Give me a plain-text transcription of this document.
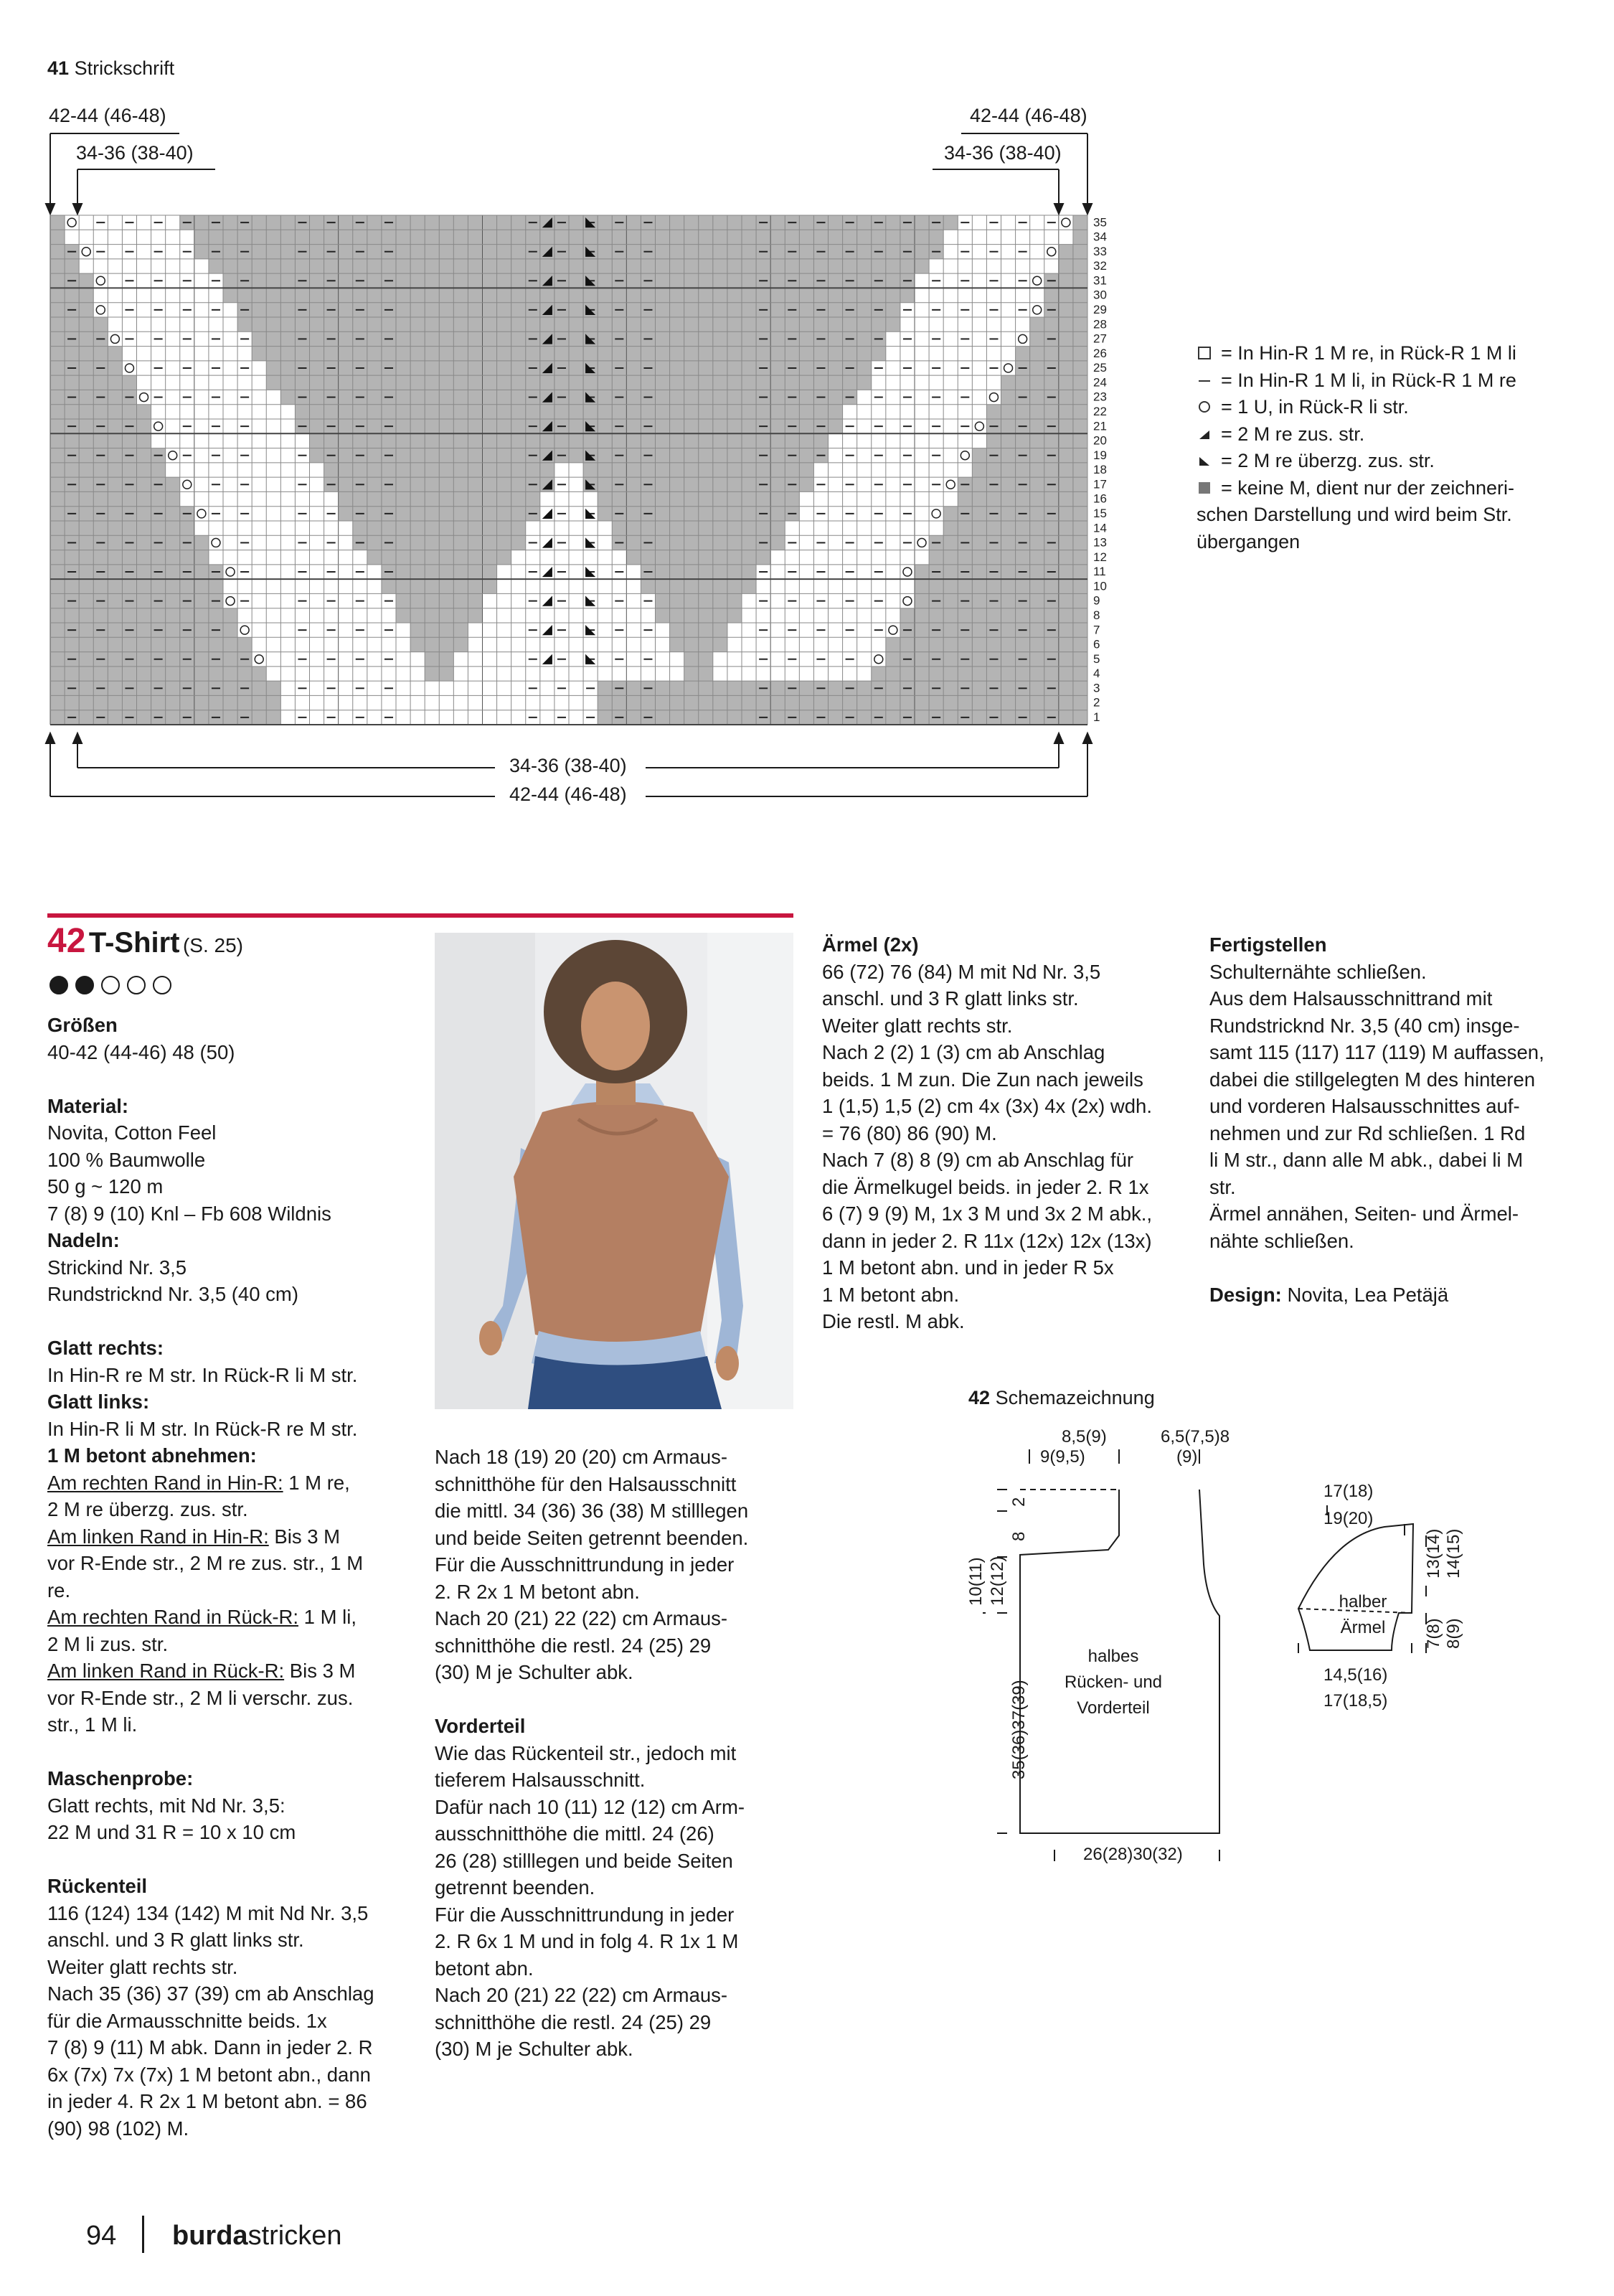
41 Strickschrift
42-44 (46-48)
34-36 (38-40)
42-44 (46-48)
34-36 (38-40)
1
2
3
4
5
6
7
8
9
10
11
12
13
14
15
16
17
18
19
20
21
22
23
24
25
26
27
28
29
30
31
32
33
34
35
34-36 (38-40)
42-44 (46-48)
= In Hin-R 1 M re, in Rück-R 1 M li
= In Hin-R 1 M li, in Rück-R 1 M re
= 1 U, in Rück-R li str.
= 2 M re zus. str.
= 2 M re überzg. zus. str.
= keine M, dient nur der zeichneri-
schen Darstellung und wird beim Str.
übergangen
42 T-Shirt (S. 25)

Größen

40-42 (44-46) 48 (50)

Material:

Novita, Cotton Feel

100 % Baumwolle

50 g ~ 120 m

7 (8) 9 (10) Knl – Fb 608 Wildnis

Nadeln:

Strickind Nr. 3,5

Rundstricknd Nr. 3,5 (40 cm)

Glatt rechts:

In Hin-R re M str. In Rück-R li M str.

Glatt links:

In Hin-R li M str. In Rück-R re M str.

1 M betont abnehmen:

Am rechten Rand in Hin-R: 1 M re,

2 M re überzg. zus. str.

Am linken Rand in Hin-R: Bis 3 M

vor R-Ende str., 2 M re zus. str., 1 M

re.

Am rechten Rand in Rück-R: 1 M li,

2 M li zus. str.

Am linken Rand in Rück-R: Bis 3 M

vor R-Ende str., 2 M li verschr. zus.

str., 1 M li.

Maschenprobe:

Glatt rechts, mit Nd Nr. 3,5:

22 M und 31 R = 10 x 10 cm

Rückenteil

116 (124) 134 (142) M mit Nd Nr. 3,5

anschl. und 3 R glatt links str.

Weiter glatt rechts str.

Nach 35 (36) 37 (39) cm ab Anschlag

für die Armausschnitte beids. 1x

7 (8) 9 (11) M abk. Dann in jeder 2. R

6x (7x) 7x (7x) 1 M betont abn., dann

in jeder 4. R 2x 1 M betont abn. = 86

(90) 98 (102) M.

Nach 18 (19) 20 (20) cm Armaus-

schnitthöhe für den Halsausschnitt

die mittl. 34 (36) 36 (38) M stilllegen

und beide Seiten getrennt beenden.

Für die Ausschnittrundung in jeder

2. R 2x 1 M betont abn.

Nach 20 (21) 22 (22) cm Armaus-

schnitthöhe die restl. 24 (25) 29

(30) M je Schulter abk.

Vorderteil

Wie das Rückenteil str., jedoch mit

tieferem Halsausschnitt.

Dafür nach 10 (11) 12 (12) cm Arm-

ausschnitthöhe die mittl. 24 (26)

26 (28) stilllegen und beide Seiten

getrennt beenden.

Für die Ausschnittrundung in jeder

2. R 6x 1 M und in folg 4. R 1x 1 M

betont abn.

Nach 20 (21) 22 (22) cm Armaus-

schnitthöhe die restl. 24 (25) 29

(30) M je Schulter abk.

Ärmel (2x)

66 (72) 76 (84) M mit Nd Nr. 3,5

anschl. und 3 R glatt links str.

Weiter glatt rechts str.

Nach 2 (2) 1 (3) cm ab Anschlag

beids. 1 M zun. Die Zun nach jeweils

1 (1,5) 1,5 (2) cm 4x (3x) 4x (2x) wdh.

= 76 (80) 86 (90) M.

Nach 7 (8) 8 (9) cm ab Anschlag für

die Ärmelkugel beids. in jeder 2. R 1x

6 (7) 9 (9) M, 1x 3 M und 3x 2 M abk.,

dann in jeder 2. R 11x (12x) 12x (13x)

1 M betont abn. und in jeder R 5x

1 M betont abn.

Die restl. M abk.

Fertigstellen

Schulternähte schließen.

Aus dem Halsausschnittrand mit

Rundstricknd Nr. 3,5 (40 cm) insge-

samt 115 (117) 117 (119) M auffassen,

dabei die stillgelegten M des hinteren

und vorderen Halsausschnittes auf-

nehmen und zur Rd schließen. 1 Rd

li M str., dann alle M abk., dabei li M

str.

Ärmel annähen, Seiten- und Ärmel-

nähte schließen.

Design: Novita, Lea Petäjä

42 Schemazeichnung
8,5(9)
9(9,5)
6,5(7,5)8
(9)
2
8
10(11) 12(12)
35(36)37(39)
halbes
Rücken- und
Vorderteil
26(28)30(32)
17(18)
19(20)
halber
Ärmel
13(14) 14(15)
7(8) 8(9)
14,5(16)
17(18,5)
94 burdastricken
